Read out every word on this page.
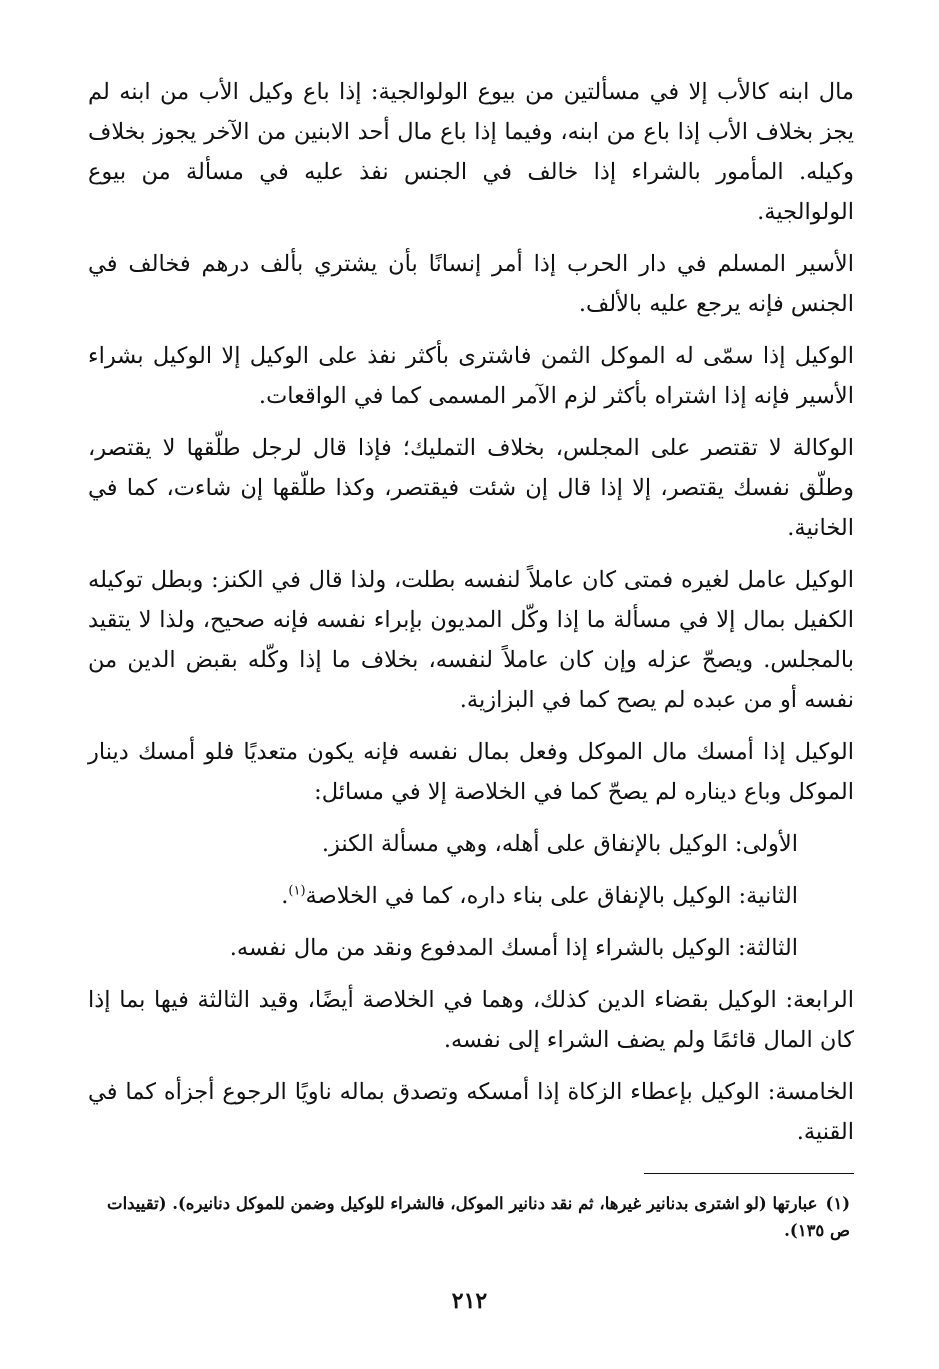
مال ابنه كالأب إلا في مسألتين من بيوع الولوالجية: إذا باع وكيل الأب من ابنه لم يجز بخلاف الأب إذا باع من ابنه، وفيما إذا باع مال أحد الابنين من الآخر يجوز بخلاف وكيله. المأمور بالشراء إذا خالف في الجنس نفذ عليه في مسألة من بيوع الولوالجية.

الأسير المسلم في دار الحرب إذا أمر إنسانًا بأن يشتري بألف درهم فخالف في الجنس فإنه يرجع عليه بالألف.

الوكيل إذا سمّى له الموكل الثمن فاشترى بأكثر نفذ على الوكيل إلا الوكيل بشراء الأسير فإنه إذا اشتراه بأكثر لزم الآمر المسمى كما في الواقعات.

الوكالة لا تقتصر على المجلس، بخلاف التمليك؛ فإذا قال لرجل طلّقها لا يقتصر، وطلّق نفسك يقتصر، إلا إذا قال إن شئت فيقتصر، وكذا طلّقها إن شاءت، كما في الخانية.

الوكيل عامل لغيره فمتى كان عاملاً لنفسه بطلت، ولذا قال في الكنز: وبطل توكيله الكفيل بمال إلا في مسألة ما إذا وكّل المديون بإبراء نفسه فإنه صحيح، ولذا لا يتقيد بالمجلس. ويصحّ عزله وإن كان عاملاً لنفسه، بخلاف ما إذا وكّله بقبض الدين من نفسه أو من عبده لم يصح كما في البزازية.

الوكيل إذا أمسك مال الموكل وفعل بمال نفسه فإنه يكون متعديًا فلو أمسك دينار الموكل وباع ديناره لم يصحّ كما في الخلاصة إلا في مسائل:

الأولى: الوكيل بالإنفاق على أهله، وهي مسألة الكنز.

الثانية: الوكيل بالإنفاق على بناء داره، كما في الخلاصة$^{(١)}$.

الثالثة: الوكيل بالشراء إذا أمسك المدفوع ونقد من مال نفسه.

الرابعة: الوكيل بقضاء الدين كذلك، وهما في الخلاصة أيضًا، وقيد الثالثة فيها بما إذا كان المال قائمًا ولم يضف الشراء إلى نفسه.

الخامسة: الوكيل بإعطاء الزكاة إذا أمسكه وتصدق بماله ناويًا الرجوع أجزأه كما في القنية.

(١)عبارتها (لو اشترى بدنانير غيرها، ثم نقد دنانير الموكل، فالشراء للوكيل وضمن للموكل دنانيره). (تقييدات ص ١٣٥).
٢١٢
